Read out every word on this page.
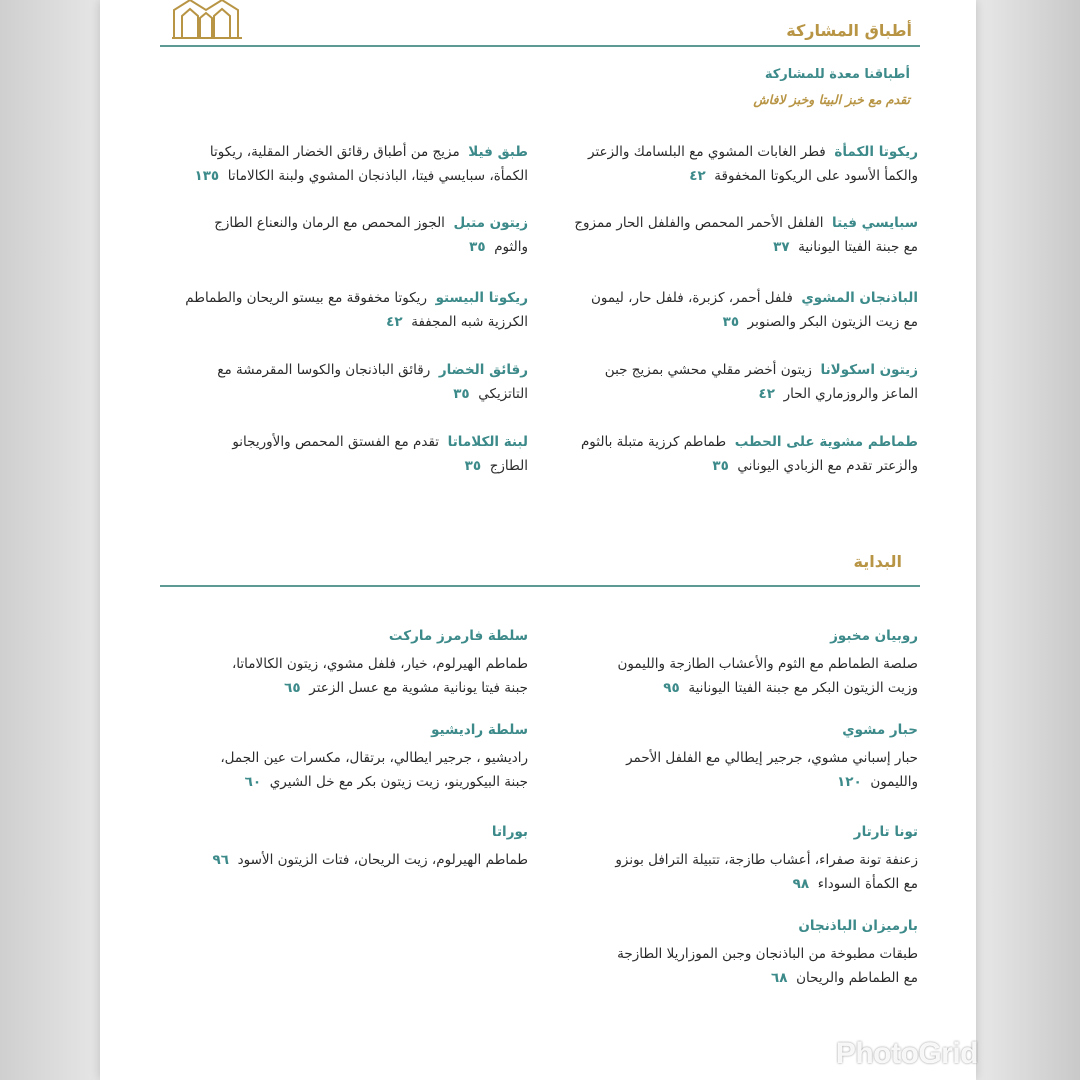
أطباق المشاركة
أطباقنا معدة للمشاركة
تقدم مع خبز البيتا وخبز لافاش
ريكوتا الكمأة  فطر الغابات المشوي مع البلسامك والزعتر
والكمأ الأسود على الريكوتا المخفوقة  ٤٢
سبايسي فيتا  الفلفل الأحمر المحمص والفلفل الحار ممزوج
مع جبنة الفيتا اليونانية  ٣٧
الباذنجان المشوي  فلفل أحمر، كزبرة، فلفل حار، ليمون
مع زيت الزيتون البكر والصنوبر  ٣٥
زيتون اسكولانا  زيتون أخضر مقلي محشي بمزيج جبن
الماعز والروزماري الحار  ٤٢
طماطم مشوية على الحطب  طماطم كرزية متبلة بالثوم
والزعتر تقدم مع الزبادي اليوناني  ٣٥
طبق فيلا  مزيج من أطباق رقائق الخضار المقلية، ريكوتا
الكمأة، سبايسي فيتا، الباذنجان المشوي ولبنة الكالاماتا  ١٣٥
زيتون متبل  الجوز المحمص مع الرمان والنعناع الطازج
والثوم  ٣٥
ريكوتا البيستو  ريكوتا مخفوقة مع بيستو الريحان والطماطم
الكرزية شبه المجففة  ٤٢
رقائق الخضار  رقائق الباذنجان والكوسا المقرمشة مع
التاتزيكي  ٣٥
لبنة الكلاماتا  تقدم مع الفستق المحمص والأوريجانو
الطازج  ٣٥
البداية
روبيان مخبوز
صلصة الطماطم مع الثوم والأعشاب الطازجة والليمون
وزيت الزيتون البكر مع جبنة الفيتا اليونانية  ٩٥
حبار مشوي
حبار إسباني مشوي، جرجير إيطالي مع الفلفل الأحمر
والليمون  ١٢٠
تونا تارتار
زعنفة تونة صفراء، أعشاب طازجة، تتبيلة الترافل بونزو
مع الكمأة السوداء  ٩٨
بارميزان الباذنجان
طبقات مطبوخة من الباذنجان وجبن الموزاريلا الطازجة
مع الطماطم والريحان  ٦٨
سلطة فارمرز ماركت
طماطم الهيرلوم، خيار، فلفل مشوي، زيتون الكالاماتا،
جبنة فيتا يونانية مشوية مع عسل الزعتر  ٦٥
سلطة راديشيو
راديشيو ، جرجير ايطالي، برتقال، مكسرات عين الجمل،
جبنة البيكورينو، زيت زيتون بكر مع خل الشيري  ٦٠
بوراتا
طماطم الهيرلوم، زيت الريحان، فتات الزيتون الأسود  ٩٦
PhotoGrid
